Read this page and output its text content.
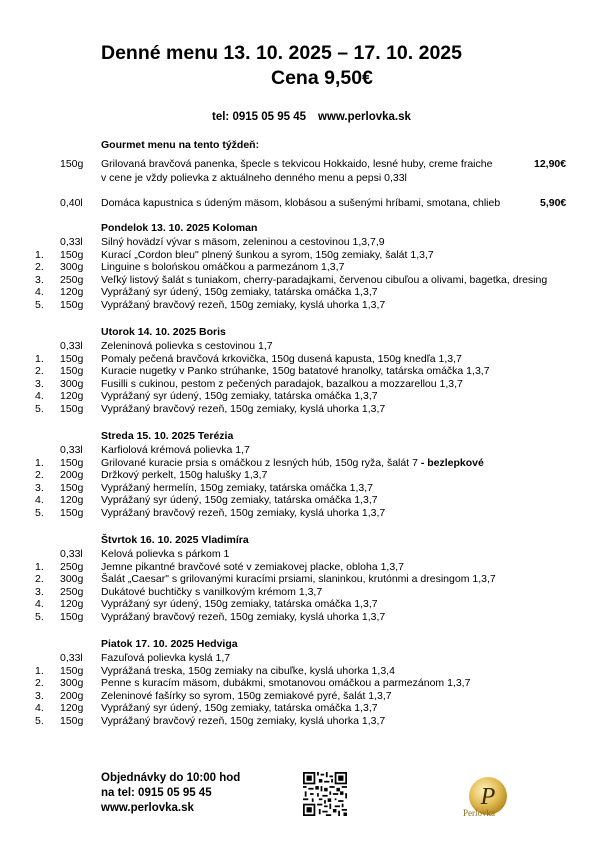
Denné menu 13. 10. 2025 – 17. 10. 2025
Cena 9,50€
tel: 0915 05 95 45 www.perlovka.sk
Gourmet menu na tento týždeň:
150g Grilovaná bravčová panenka, špecle s tekvicou Hokkaido, lesné huby, creme fraiche	12,90€
v cene je vždy polievka z aktuálneho denného menu a pepsi 0,33l
0,40l Domáca kapustnica s údeným mäsom, klobásou a sušenými hríbami, smotana, chlieb	5,90€
Pondelok 13. 10. 2025 Koloman
0,33l Silný hovädzí vývar s mäsom, zeleninou a cestovinou 1,3,7,9
1.	150g Kurací „Cordon bleu" plnený šunkou a syrom, 150g zemiaky, šalát 1,3,7
2.	300g Linguine s bolońskou omáčkou a parmezánom 1,3,7
3.	250g Veľký listový šalát s tuniakom, cherry-paradajkami, červenou cibuľou a olivami, bagetka, dresing
4.	120g Vyprážaný syr údený, 150g zemiaky, tatárska omáčka 1,3,7
5.	150g Vyprážaný bravčový rezeň, 150g zemiaky, kyslá uhorka 1,3,7
Utorok 14. 10. 2025 Boris
0,33l Zeleninová polievka s cestovinou 1,7
1.	150g Pomaly pečená bravčová krkovička, 150g dusená kapusta, 150g knedľa 1,3,7
2.	150g Kuracie nugetky v Panko strúhanke, 150g batatové hranolky, tatárska omáčka 1,3,7
3.	300g Fusilli s cukinou, pestom z pečených paradajok, bazalkou a mozzarellou 1,3,7
4.	120g Vyprážaný syr údený, 150g zemiaky, tatárska omáčka 1,3,7
5.	150g Vyprážaný bravčový rezeň, 150g zemiaky, kyslá uhorka 1,3,7
Streda 15. 10. 2025 Terézia
0,33l Karfiolová krémová polievka 1,7
1.	150g Grilované kuracie prsia s omáčkou z lesných húb, 150g ryža, šalát 7 - bezlepkové
2.	200g Držkový perkelt, 150g halušky 1,3,7
3.	150g Vyprážaný hermelín, 150g zemiaky, tatárska omáčka 1,3,7
4.	120g Vyprážaný syr údený, 150g zemiaky, tatárska omáčka 1,3,7
5.	150g Vyprážaný bravčový rezeň, 150g zemiaky, kyslá uhorka 1,3,7
Štvrtok 16. 10. 2025 Vladimíra
0,33l Kelová polievka s párkom 1
1.	250g Jemne pikantné bravčové soté v zemiakovej placke, obloha 1,3,7
2.	300g Šalát „Caesar" s grilovanými kuracími prsiami, slaninkou, krutónmi a dresingom 1,3,7
3.	250g Dukátové buchtičky s vanilkovým krémom 1,3,7
4.	120g Vyprážaný syr údený, 150g zemiaky, tatárska omáčka 1,3,7
5.	150g Vyprážaný bravčový rezeň, 150g zemiaky, kyslá uhorka 1,3,7
Piatok 17. 10. 2025 Hedviga
0,33l Fazuľová polievka kyslá 1,7
1.	150g Vyprážaná treska, 150g zemiaky na cibuľke, kyslá uhorka 1,3,4
2.	300g Penne s kuracím mäsom, dubákmi, smotanovou omáčkou a parmezánom 1,3,7
3.	200g Zeleninové fašírky so syrom, 150g zemiakové pyré, šalát 1,3,7
4.	120g Vyprážaný syr údený, 150g zemiaky, tatárska omáčka 1,3,7
5.	150g Vyprážaný bravčový rezeň, 150g zemiaky, kyslá uhorka 1,3,7
Objednávky do 10:00 hod
na tel: 0915 05 95 45
www.perlovka.sk	P
Perlovka
